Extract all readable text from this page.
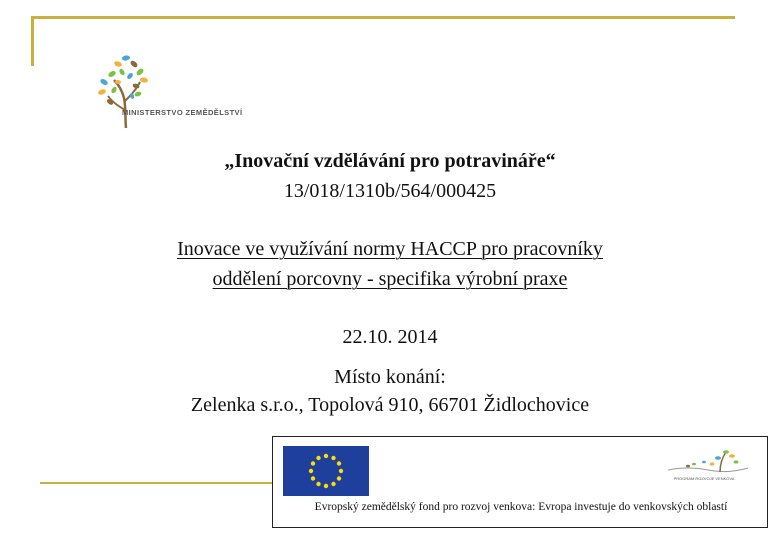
MINISTERSTVO ZEMĚDĚLSTVÍ
„Inovační vzdělávání pro potravináře“
13/018/1310b/564/000425
Inovace ve využívání normy HACCP pro pracovníky
oddělení porcovny - specifika výrobní praxe
22.10. 2014
Místo konání:
Zelenka s.r.o., Topolová 910, 66701 Židlochovice
PROGRAM ROZVOJE VENKOVA
Evropský zemědělský fond pro rozvoj venkova: Evropa investuje do venkovských oblastí
